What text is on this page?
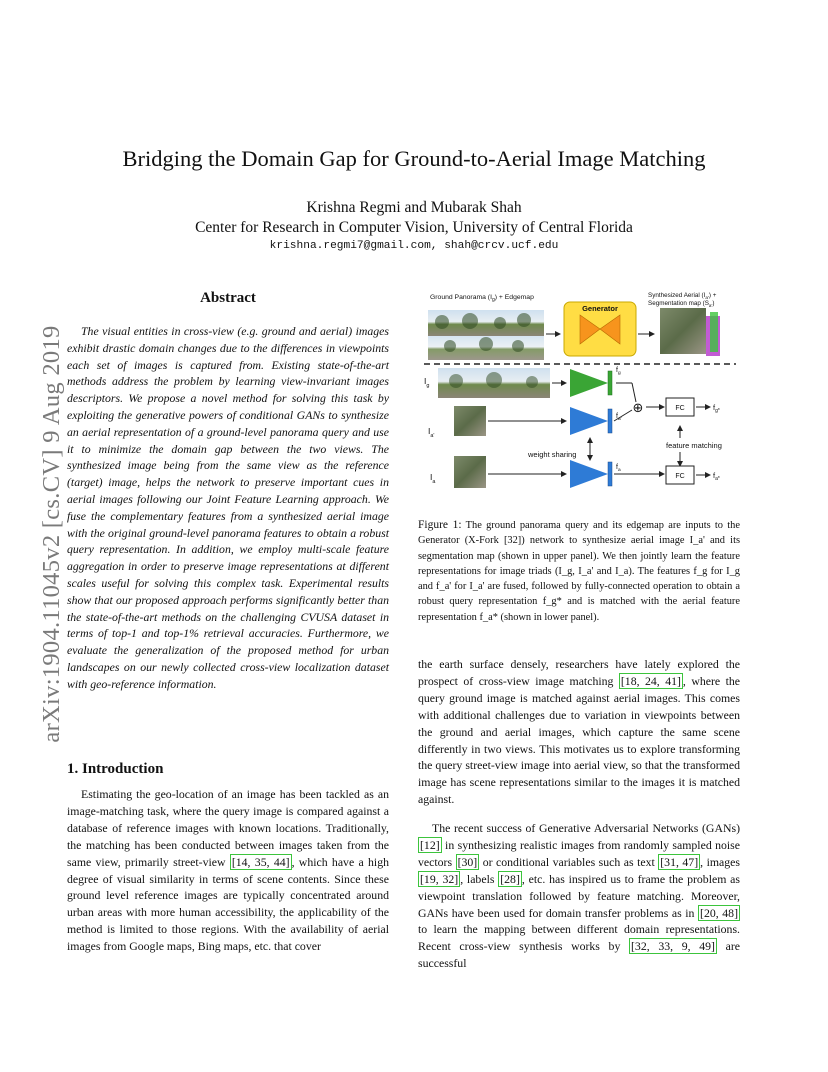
arXiv:1904.11045v2 [cs.CV] 9 Aug 2019
Bridging the Domain Gap for Ground-to-Aerial Image Matching
Krishna Regmi and Mubarak Shah
Center for Research in Computer Vision, University of Central Florida
krishna.regmi7@gmail.com, shah@crcv.ucf.edu
Abstract

The visual entities in cross-view (e.g. ground and aerial) images exhibit drastic domain changes due to the differences in viewpoints each set of images is captured from. Existing state-of-the-art methods address the problem by learning view-invariant images descriptors. We propose a novel method for solving this task by exploiting the generative powers of conditional GANs to synthesize an aerial representation of a ground-level panorama query and use it to minimize the domain gap between the two views. The synthesized image being from the same view as the reference (target) image, helps the network to preserve important cues in aerial images following our Joint Feature Learning approach. We fuse the complementary features from a synthesized aerial image with the original ground-level panorama features to obtain a robust query representation. In addition, we employ multi-scale feature aggregation in order to preserve image representations at different scales useful for solving this complex task. Experimental results show that our proposed approach performs significantly better than the state-of-the-art methods on the challenging CVUSA dataset in terms of top-1 and top-1% retrieval accuracies. Furthermore, we evaluate the generalization of the proposed method for urban landscapes on our newly collected cross-view localization dataset with geo-reference information.

1. Introduction

Estimating the geo-location of an image has been tackled as an image-matching task, where the query image is compared against a database of reference images with known locations. Traditionally, the matching has been conducted between images taken from the same view, primarily street-view [14, 35, 44] , which have a high degree of visual similarity in terms of scene contents. Since these ground level reference images are typically concentrated around urban areas with more human accessibility, the applicability of the method is limited to those regions. With the availability of aerial images from Google maps, Bing maps, etc. that cover

Ground Panorama $(I_g)$ + Edgemap	Synthesized Aerial $(I_{a'})$ +
Segmentation map $(S_{a'})$
Generator
$I_g$
$f_g$
⊕	FC	$f_{g*}$
$I_{a'}$
$f_{a'}$
weight sharing
feature matching
$I_a$
$f_a$
FC	$f_{a*}$
Figure 1: The ground panorama query and its edgemap are inputs to the Generator (X-Fork [32]) network to synthesize aerial image I_a' and its segmentation map (shown in upper panel). We then jointly learn the feature representations for image triads (I_g, I_a' and I_a). The features f_g for I_g and f_a' for I_a' are fused, followed by fully-connected operation to obtain a robust query representation f_g* and is matched with the aerial feature representation f_a* (shown in lower panel).

the earth surface densely, researchers have lately explored the prospect of cross-view image matching [18, 24, 41] , where the query ground image is matched against aerial images. This comes with additional challenges due to variation in viewpoints between the ground and aerial images, which capture the same scene differently in two views. This motivates us to explore transforming the query street-view image into aerial view, so that the transformed image has scene representations similar to the images it is matched against.

The recent success of Generative Adversarial Networks (GANs) [12] in synthesizing realistic images from randomly sampled noise vectors [30] or conditional variables such as text [31, 47] , images [19, 32] , labels [28] , etc. has inspired us to frame the problem as viewpoint translation followed by feature matching. Moreover, GANs have been used for domain transfer problems as in [20, 48] to learn the mapping between different domain representations. Recent cross-view synthesis works by [32, 33, 9, 49] are successful
